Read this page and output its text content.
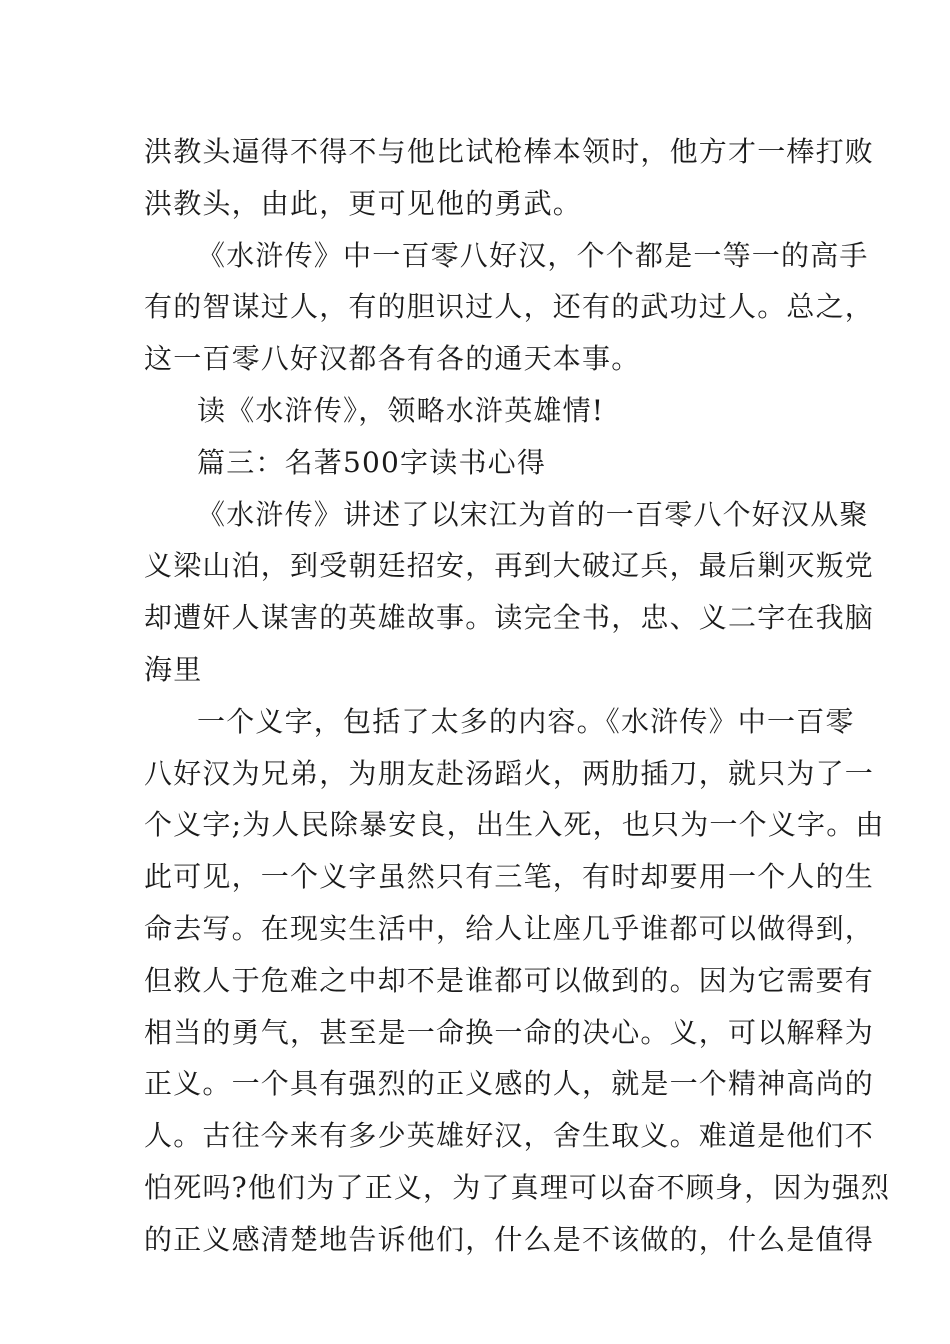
洪教头逼得不得不与他比试枪棒本领时，他方才一棒打败
洪教头，由此，更可见他的勇武。
《水浒传》中一百零八好汉，个个都是一等一的高手
有的智谋过人，有的胆识过人，还有的武功过人。总之，
这一百零八好汉都各有各的通天本事。
读《水浒传》，领略水浒英雄情!
篇三：名著500字读书心得
《水浒传》讲述了以宋江为首的一百零八个好汉从聚
义梁山泊，到受朝廷招安，再到大破辽兵，最后剿灭叛党
却遭奸人谋害的英雄故事。读完全书，忠、义二字在我脑
海里
一个义字，包括了太多的内容。《水浒传》中一百零
八好汉为兄弟，为朋友赴汤蹈火，两肋插刀，就只为了一
个义字;为人民除暴安良，出生入死，也只为一个义字。由
此可见，一个义字虽然只有三笔，有时却要用一个人的生
命去写。在现实生活中，给人让座几乎谁都可以做得到，
但救人于危难之中却不是谁都可以做到的。因为它需要有
相当的勇气，甚至是一命换一命的决心。义，可以解释为
正义。一个具有强烈的正义感的人，就是一个精神高尚的
人。古往今来有多少英雄好汉，舍生取义。难道是他们不
怕死吗?他们为了正义，为了真理可以奋不顾身，因为强烈
的正义感清楚地告诉他们，什么是不该做的，什么是值得
